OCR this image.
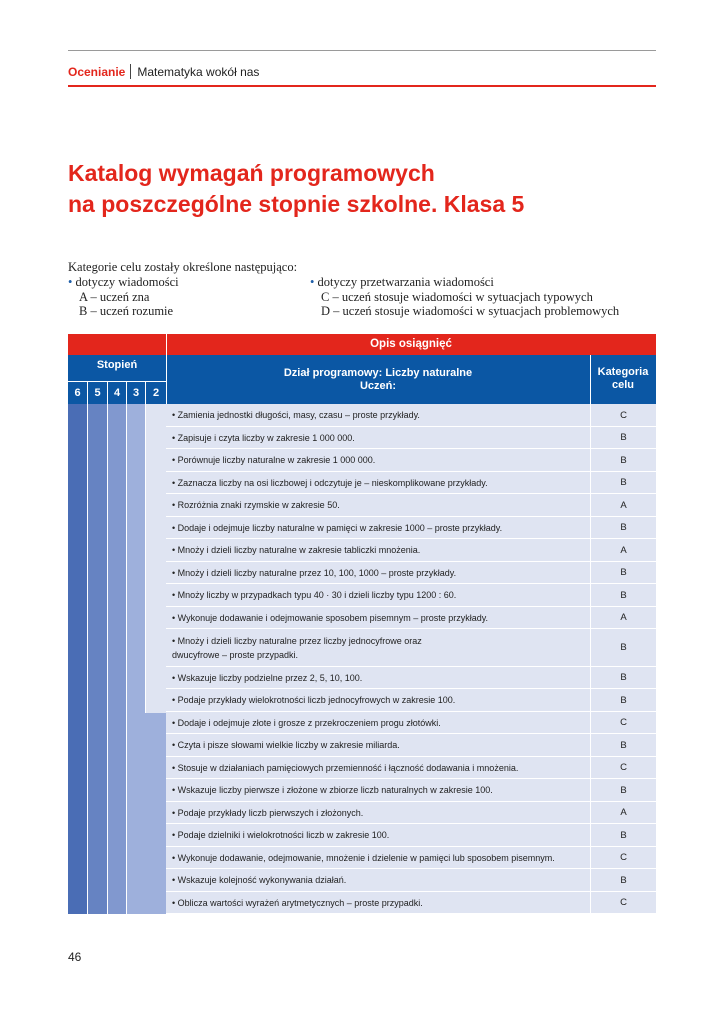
Ocenianie Matematyka wokół nas
Katalog wymagań programowych
na poszczególne stopnie szkolne. Klasa 5
Kategorie celu zostały określone następująco:
• dotyczy wiadomości
A – uczeń zna
B – uczeń rozumie
• dotyczy przetwarzania wiadomości
C – uczeń stosuje wiadomości w sytuacjach typowych
D – uczeń stosuje wiadomości w sytuacjach problemowych
Opis osiągnięć
Stopień
6	5	4	3	2
Dział programowy: Liczby naturalne
Uczeń:
Kategoria
celu
• Zamienia jednostki długości, masy, czasu – proste przykłady.	C
• Zapisuje i czyta liczby w zakresie 1 000 000.	B
• Porównuje liczby naturalne w zakresie 1 000 000.	B
• Zaznacza liczby na osi liczbowej i odczytuje je – nieskomplikowane przykłady.	B
• Rozróżnia znaki rzymskie w zakresie 50.	A
• Dodaje i odejmuje liczby naturalne w pamięci w zakresie 1000 – proste przykłady.	B
• Mnoży i dzieli liczby naturalne w zakresie tabliczki mnożenia.	A
• Mnoży i dzieli liczby naturalne przez 10, 100, 1000 – proste przykłady.	B
• Mnoży liczby w przypadkach typu 40 · 30 i dzieli liczby typu 1200 : 60.	B
• Wykonuje dodawanie i odejmowanie sposobem pisemnym – proste przykłady.	A
• Mnoży i dzieli liczby naturalne przez liczby jednocyfrowe oraz
dwucyfrowe – proste przypadki.
B
• Wskazuje liczby podzielne przez 2, 5, 10, 100.	B
• Podaje przykłady wielokrotności liczb jednocyfrowych w zakresie 100.	B
• Dodaje i odejmuje złote i grosze z przekroczeniem progu złotówki.	C
• Czyta i pisze słowami wielkie liczby w zakresie miliarda.	B
• Stosuje w działaniach pamięciowych przemienność i łączność dodawania i mnożenia.	C
• Wskazuje liczby pierwsze i złożone w zbiorze liczb naturalnych w zakresie 100.	B
• Podaje przykłady liczb pierwszych i złożonych.	A
• Podaje dzielniki i wielokrotności liczb w zakresie 100.	B
• Wykonuje dodawanie, odejmowanie, mnożenie i dzielenie w pamięci lub sposobem pisemnym.	C
• Wskazuje kolejność wykonywania działań.	B
• Oblicza wartości wyrażeń arytmetycznych – proste przypadki.	C
46
